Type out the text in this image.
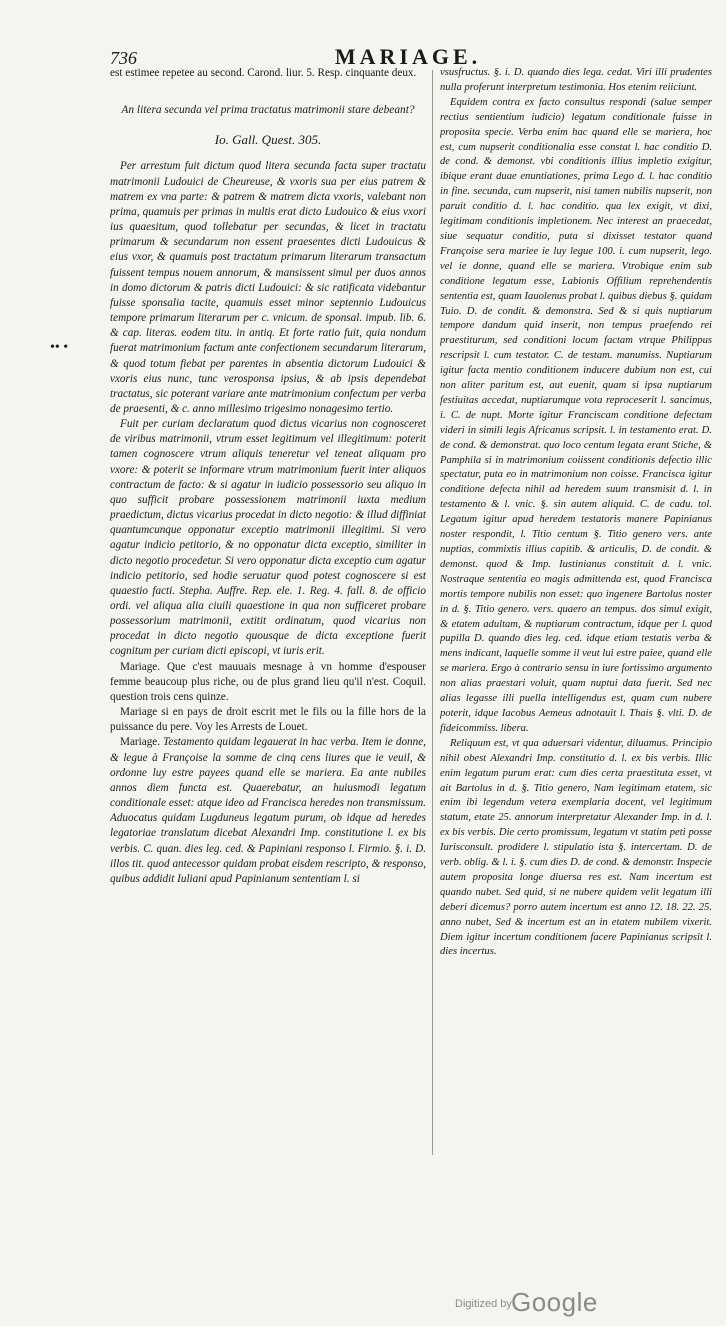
736	MARIAGE.
•• •

est estimee repetee au second. Carond. liur. 5. Resp. cinquante deux.

An litera secunda vel prima tractatus matrimonii stare debeant?

Io. Gall. Quest. 305.

Per arrestum fuit dictum quod litera secunda facta super tractatu matrimonii Ludouici de Cheureuse, & vxoris sua per eius patrem & matrem ex vna parte: & patrem & matrem dicta vxoris, valebant non prima, quamuis per primas in multis erat dicto Ludouico & eius vxori ius quaesitum, quod tollebatur per secundas, & licet in tractatu primarum & secundarum non essent praesentes dicti Ludouicus & eius vxor, & quamuis post tractatum primarum literarum transactum fuissent tempus nouem annorum, & mansissent simul per duos annos in domo dictorum & patris dicti Ludouici: & sic ratificata videbantur fuisse sponsalia tacite, quamuis esset minor septennio Ludouicus tempore primarum literarum per c. vnicum. de sponsal. impub. lib. 6. & cap. literas. eodem titu. in antiq. Et forte ratio fuit, quia nondum fuerat matrimonium factum ante confectionem secundarum literarum, & quod totum fiebat per parentes in absentia dictorum Ludouici & vxoris eius nunc, tunc verosponsa ipsius, & ab ipsis dependebat tractatus, sic poterant variare ante matrimonium confectum per verba de praesenti, & c. anno millesimo trigesimo nonagesimo tertio.

Fuit per curiam declaratum quod dictus vicarius non cognosceret de viribus matrimonii, vtrum esset legitimum vel illegitimum: poterit tamen cognoscere vtrum aliquis teneretur vel teneat aliquam pro vxore: & poterit se informare vtrum matrimonium fuerit inter aliquos contractum de facto: & si agatur in iudicio possessorio seu aliquo in quo sufficit probare possessionem matrimonii iuxta medium praedictum, dictus vicarius procedat in dicto negotio: & illud diffiniat quantumcunque opponatur exceptio matrimonii illegitimi. Si vero agatur indicio petitorio, & no opponatur dicta exceptio, similiter in dicto negotio procedetur. Si vero opponatur dicta exceptio cum agatur indicio petitorio, sed hodie seruatur quod potest cognoscere si est quaestio facti. Stepha. Auffre. Rep. ele. 1. Reg. 4. fall. 8. de officio ordi. vel aliqua alia ciuili quaestione in qua non sufficeret probare possessorium matrimonii, extitit ordinatum, quod vicarius non procedat in dicto negotio quousque de dicta exceptione fuerit cognitum per curiam dicti episcopi, vt iuris erit.

Mariage. Que c'est mauuais mesnage à vn homme d'espouser femme beaucoup plus riche, ou de plus grand lieu qu'il n'est. Coquil. question trois cens quinze.

Mariage si en pays de droit escrit met le fils ou la fille hors de la puissance du pere. Voy les Arrests de Louet.

Mariage. Testamento quidam legauerat in hac verba. Item ie donne, & legue à Françoise la somme de cinq cens liures que ie veuil, & ordonne luy estre payees quand elle se mariera. Ea ante nubiles annos diem functa est. Quaerebatur, an huiusmodi legatum conditionale esset: atque ideo ad Francisca heredes non transmissum. Aduocatus quidam Lugduneus legatum purum, ob idque ad heredes legatoriae translatum dicebat Alexandri Imp. constitutione l. ex bis verbis. C. quan. dies leg. ced. & Papiniani responso l. Firmio. §. i. D. illos tit. quod antecessor quidam probat eisdem rescripto, & responso, quibus addidit Iuliani apud Papinianum sententiam l. si

vsusfructus. §. i. D. quando dies lega. cedat. Viri illi prudentes nulla proferunt interpretum testimonia. Hos etenim reiiciunt.

Equidem contra ex facto consultus respondi (salue semper rectius sentientium iudicio) legatum conditionale fuisse in proposita specie. Verba enim hac quand elle se mariera, hoc est, cum nupserit conditionalia esse constat l. hac conditio D. de cond. & demonst. vbi conditionis illius impletio exigitur, ibique erant duae enuntiationes, prima Lego d. l. hac conditio in fine. secunda, cum nupserit, nisi tamen nubilis nupserit, non paruit conditio d. l. hac conditio. qua lex exigit, vt dixi, legitimam conditionis impletionem. Nec interest an praecedat, siue sequatur conditio, puta si dixisset testator quand Françoise sera mariee ie luy legue 100. i. cum nupserit, lego. vel ie donne, quand elle se mariera. Vtrobique enim sub conditione legatum esse, Labionis Offilium reprehendentis sententia est, quam Iauolenus probat l. quibus diebus §. quidam Tuio. D. de condit. & demonstra. Sed & si quis nuptiarum tempore dandum quid inserit, non tempus praefendo rei praestiturum, sed conditioni locum factam vtrque Philippus rescripsit l. cum testator. C. de testam. manumiss. Nuptiarum igitur facta mentio conditionem inducere dubium non est, cui non aliter paritum est, aut euenit, quam si ipsa nuptiarum festiuitas accedat, nuptiarumque vota reproceserit l. sancimus, i. C. de nupt. Morte igitur Franciscam conditione defectam videri in simili legis Africanus scripsit. l. in testamento erat. D. de cond. & demonstrat. quo loco centum legata erant Stiche, & Pamphila si in matrimonium coiissent conditionis defectio illic spectatur, puta eo in matrimonium non coisse. Francisca igitur conditione defecta nihil ad heredem suum transmisit d. l. in testamento & l. vnic. §. sin autem aliquid. C. de cadu. tol. Legatum igitur apud heredem testatoris manere Papinianus noster respondit, l. Titio centum §. Titio genero vers. ante nuptias, commixtis illius capitib. & articulis, D. de condit. & demonst. quod & Imp. Iustinianus constituit d. l. vnic. Nostraque sententia eo magis admittenda est, quod Francisca mortis tempore nubilis non esset: quo ingenere Bartolus noster in d. §. Titio genero. vers. quaero an tempus. dos simul exigit, & etatem adultam, & nuptiarum contractum, idque per l. quod pupilla D. quando dies leg. ced. idque etiam testatis verba & mens indicant, laquelle somme il veut lui estre paiee, quand elle se mariera. Ergo à contrario sensu in iure fortissimo argumento non alias praestari voluit, quam nuptui data fuerit. Sed nec alias legasse illi puella intelligendus est, quam cum nubere poterit, idque Iacobus Aemeus adnotauit l. Thais §. vlti. D. de fideicommiss. libera.

Reliquum est, vt qua aduersari videntur, diluamus. Principio nihil obest Alexandri Imp. constitutio d. l. ex bis verbis. Illic enim legatum purum erat: cum dies certa praestituta esset, vt ait Bartolus in d. §. Titio genero, Nam legitimam etatem, sic enim ibi legendum vetera exemplaria docent, vel legitimum statum, etate 25. annorum interpretatur Alexander Imp. in d. l. ex bis verbis. Die certo promissum, legatum vt statim peti posse Iurisconsult. prodidere l. stipulatio ista §. intercertam. D. de verb. oblig. & l. i. §. cum dies D. de cond. & demonstr. Inspecie autem proposita longe diuersa res est. Nam incertum est quando nubet. Sed quid, si ne nubere quidem velit legatum illi deberi dicemus? porro autem incertum est anno 12. 18. 22. 25. anno nubet, Sed & incertum est an in etatem nubilem vixerit. Diem igitur incertum conditionem facere Papinianus scripsit l. dies incertus.

Digitized by Google
